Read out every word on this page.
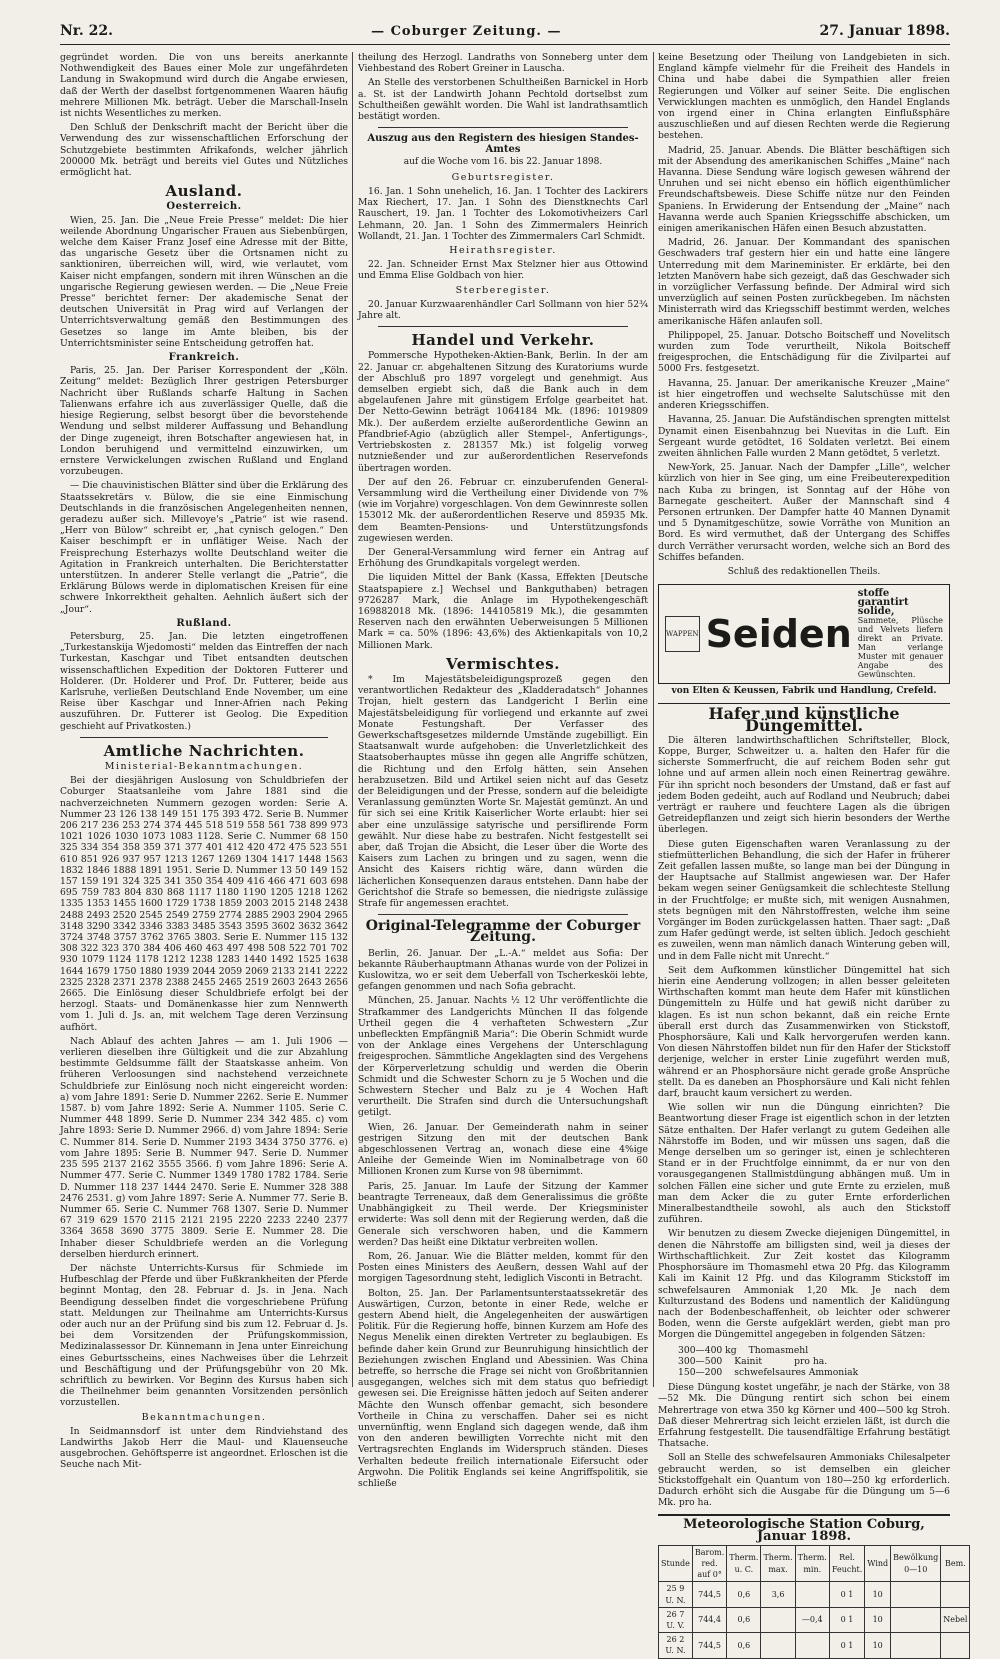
Nr. 22.	— Coburger Zeitung. —	27. Januar 1898.

gegründet worden. Die von uns bereits anerkannte Nothwendigkeit des Baues einer Mole zur ungefährdeten Landung in Swakopmund wird durch die Angabe erwiesen, daß der Werth der daselbst fortgenommenen Waaren häufig mehrere Millionen Mk. beträgt. Ueber die Marschall-Inseln ist nichts Wesentliches zu merken.

Den Schluß der Denkschrift macht der Bericht über die Verwendung des zur wissenschaftlichen Erforschung der Schutzgebiete bestimmten Afrikafonds, welcher jährlich 200000 Mk. beträgt und bereits viel Gutes und Nützliches ermöglicht hat.

Ausland.
Oesterreich.

Wien, 25. Jan. Die „Neue Freie Presse“ meldet: Die hier weilende Abordnung Ungarischer Frauen aus Siebenbürgen, welche dem Kaiser Franz Josef eine Adresse mit der Bitte, das ungarische Gesetz über die Ortsnamen nicht zu sanktioniren, überreichen will, wird, wie verlautet, vom Kaiser nicht empfangen, sondern mit ihren Wünschen an die ungarische Regierung gewiesen werden. — Die „Neue Freie Presse“ berichtet ferner: Der akademische Senat der deutschen Universität in Prag wird auf Verlangen der Unterrichtsverwaltung gemäß den Bestimmungen des Gesetzes so lange im Amte bleiben, bis der Unterrichtsminister seine Entscheidung getroffen hat.

Frankreich.

Paris, 25. Jan. Der Pariser Korrespondent der „Köln. Zeitung“ meldet: Bezüglich Ihrer gestrigen Petersburger Nachricht über Rußlands scharfe Haltung in Sachen Talienwans erfahre ich aus zuverlässiger Quelle, daß die hiesige Regierung, selbst besorgt über die bevorstehende Wendung und selbst milderer Auffassung und Behandlung der Dinge zugeneigt, ihren Botschafter angewiesen hat, in London beruhigend und vermittelnd einzuwirken, um ernstere Verwickelungen zwischen Rußland und England vorzubeugen.

— Die chauvinistischen Blätter sind über die Erklärung des Staatssekretärs v. Bülow, die sie eine Einmischung Deutschlands in die französischen Angelegenheiten nennen, geradezu außer sich. Millevoye's „Patrie“ ist wie rasend. „Herr von Bülow“ schreibt er, „hat cynisch gelogen.“ Den Kaiser beschimpft er in unflätiger Weise. Nach der Freisprechung Esterhazys wollte Deutschland weiter die Agitation in Frankreich unterhalten. Die Berichterstatter unterstützen. In anderer Stelle verlangt die „Patrie“, die Erklärung Bülows werde in diplomatischen Kreisen für eine schwere Inkorrektheit gehalten. Aehnlich äußert sich der „Jour“.

Rußland.

Petersburg, 25. Jan. Die letzten eingetroffenen „Turkestanskija Wjedomosti“ melden das Eintreffen der nach Turkestan, Kaschgar und Tibet entsandten deutschen wissenschaftlichen Expedition der Doktoren Futterer und Holderer. (Dr. Holderer und Prof. Dr. Futterer, beide aus Karlsruhe, verließen Deutschland Ende November, um eine Reise über Kaschgar und Inner-Afrien nach Peking auszuführen. Dr. Futterer ist Geolog. Die Expedition geschieht auf Privatkosten.)

Amtliche Nachrichten.
Ministerial-Bekanntmachungen.

Bei der diesjährigen Auslosung von Schuldbriefen der Coburger Staatsanleihe vom Jahre 1881 sind die nachverzeichneten Nummern gezogen worden: Serie A. Nummer 23 126 138 149 151 175 393 472. Serie B. Nummer 206 217 236 253 274 374 445 518 519 558 561 738 899 973 1021 1026 1030 1073 1083 1128. Serie C. Nummer 68 150 325 334 354 358 359 371 377 401 412 420 472 475 523 551 610 851 926 937 957 1213 1267 1269 1304 1417 1448 1563 1832 1846 1888 1891 1951. Serie D. Nummer 13 50 149 152 157 159 191 324 325 341 350 354 409 416 466 471 603 698 695 759 783 804 830 868 1117 1180 1190 1205 1218 1262 1335 1353 1455 1600 1729 1738 1859 2003 2015 2148 2438 2488 2493 2520 2545 2549 2759 2774 2885 2903 2904 2965 3148 3290 3342 3346 3383 3485 3543 3595 3602 3632 3642 3724 3748 3757 3762 3765 3803. Serie E. Nummer 115 132 308 322 323 370 384 406 460 463 497 498 508 522 701 702 930 1079 1124 1178 1212 1238 1283 1440 1492 1525 1638 1644 1679 1750 1880 1939 2044 2059 2069 2133 2141 2222 2325 2328 2371 2378 2388 2455 2465 2519 2603 2643 2656 2665. Die Einlösung dieser Schuldbriefe erfolgt bei der herzogl. Staats- und Domänenkasse hier zum Nennwerth vom 1. Juli d. Js. an, mit welchem Tage deren Verzinsung aufhört.

Nach Ablauf des achten Jahres — am 1. Juli 1906 — verlieren dieselben ihre Gültigkeit und die zur Abzahlung bestimmte Geldsumme fällt der Staatskasse anheim. Von früheren Verloosungen sind nachstehend verzeichnete Schuldbriefe zur Einlösung noch nicht eingereicht worden: a) vom Jahre 1891: Serie D. Nummer 2262. Serie E. Nummer 1587. b) vom Jahre 1892: Serie A. Nummer 1105. Serie C. Nummer 448 1899. Serie D. Nummer 234 342 485. c) vom Jahre 1893: Serie D. Nummer 2966. d) vom Jahre 1894: Serie C. Nummer 814. Serie D. Nummer 2193 3434 3750 3776. e) vom Jahre 1895: Serie B. Nummer 947. Serie D. Nummer 235 595 2137 2162 3555 3566. f) vom Jahre 1896: Serie A. Nummer 477. Serie C. Nummer 1349 1780 1782 1784. Serie D. Nummer 118 237 1444 2470. Serie E. Nummer 328 388 2476 2531. g) vom Jahre 1897: Serie A. Nummer 77. Serie B. Nummer 65. Serie C. Nummer 768 1307. Serie D. Nummer 67 319 629 1570 2115 2121 2195 2220 2233 2240 2377 3364 3658 3690 3775 3809. Serie E. Nummer 28. Die Inhaber dieser Schuldbriefe werden an die Vorlegung derselben hierdurch erinnert.

Der nächste Unterrichts-Kursus für Schmiede im Hufbeschlag der Pferde und über Fußkrankheiten der Pferde beginnt Montag, den 28. Februar d. Js. in Jena. Nach Beendigung desselben findet die vorgeschriebene Prüfung statt. Meldungen zur Theilnahme am Unterrichts-Kursus oder auch nur an der Prüfung sind bis zum 12. Februar d. Js. bei dem Vorsitzenden der Prüfungskommission, Medizinalassessor Dr. Künnemann in Jena unter Einreichung eines Geburtsscheins, eines Nachweises über die Lehrzeit und Beschäftigung und der Prüfungsgebühr von 20 Mk. schriftlich zu bewirken. Vor Beginn des Kursus haben sich die Theilnehmer beim genannten Vorsitzenden persönlich vorzustellen.

Bekanntmachungen.

In Seidmannsdorf ist unter dem Rindviehstand des Landwirths Jakob Herr die Maul- und Klauenseuche ausgebrochen. Gehöftsperre ist angeordnet. Erloschen ist die Seuche nach Mit-

theilung des Herzogl. Landraths von Sonneberg unter dem Viehbestand des Robert Greiner in Lauscha.

An Stelle des verstorbenen Schultheißen Barnickel in Horb a. St. ist der Landwirth Johann Pechtold dortselbst zum Schultheißen gewählt worden. Die Wahl ist landrathsamtlich bestätigt worden.

Auszug aus den Registern des hiesigen Standes-Amtes
auf die Woche vom 16. bis 22. Januar 1898.
Geburtsregister.

16. Jan. 1 Sohn unehelich, 16. Jan. 1 Tochter des Lackirers Max Riechert, 17. Jan. 1 Sohn des Dienstknechts Carl Rauschert, 19. Jan. 1 Tochter des Lokomotivheizers Carl Lehmann, 20. Jan. 1 Sohn des Zimmermalers Heinrich Wollandt, 21. Jan. 1 Tochter des Zimmermalers Carl Schmidt.

Heirathsregister.

22. Jan. Schneider Ernst Max Stelzner hier aus Ottowind und Emma Elise Goldbach von hier.

Sterberegister.

20. Januar Kurzwaarenhändler Carl Sollmann von hier 52¾ Jahre alt.

Handel und Verkehr.

Pommersche Hypotheken-Aktien-Bank, Berlin. In der am 22. Januar cr. abgehaltenen Sitzung des Kuratoriums wurde der Abschluß pro 1897 vorgelegt und genehmigt. Aus demselben ergiebt sich, daß die Bank auch in dem abgelaufenen Jahre mit günstigem Erfolge gearbeitet hat. Der Netto-Gewinn beträgt 1064184 Mk. (1896: 1019809 Mk.). Der außerdem erzielte außerordentliche Gewinn an Pfandbrief-Agio (abzüglich aller Stempel-, Anfertigungs-, Vertriebskosten z. 281357 Mk.) ist folgelig vorweg nutznießender und zur außerordentlichen Reservefonds übertragen worden.

Der auf den 26. Februar cr. einzuberufenden General-Versammlung wird die Vertheilung einer Dividende von 7% (wie im Vorjahre) vorgeschlagen. Von dem Gewinnreste sollen 153012 Mk. der außerordentlichen Reserve und 85935 Mk. dem Beamten-Pensions- und Unterstützungsfonds zugewiesen werden.

Der General-Versammlung wird ferner ein Antrag auf Erhöhung des Grundkapitals vorgelegt werden.

Die liquiden Mittel der Bank (Kassa, Effekten [Deutsche Staatspapiere z.] Wechsel und Bankguthaben) betragen 9726287 Mark, die Anlage im Hypothekengeschäft 169882018 Mk. (1896: 144105819 Mk.), die gesammten Reserven nach den erwähnten Ueberweisungen 5 Millionen Mark = ca. 50% (1896: 43,6%) des Aktienkapitals von 10,2 Millionen Mark.

Vermischtes.

* Im Majestätsbeleidigungsprozeß gegen den verantwortlichen Redakteur des „Kladderadatsch“ Johannes Trojan, hielt gestern das Landgericht I Berlin eine Majestätsbeleidigung für vorliegend und erkannte auf zwei Monate Festungshaft. Der Verfasser des Gewerkschaftsgesetzes mildernde Umstände zugebilligt. Ein Staatsanwalt wurde aufgehoben: die Unverletzlichkeit des Staatsoberhauptes müsse ihn gegen alle Angriffe schützen, die Richtung und den Erfolg hätten, sein Ansehen herabzusetzen. Bild und Artikel seien nicht auf das Gesetz der Beleidigungen und der Presse, sondern auf die beleidigte Veranlassung gemünzten Worte Sr. Majestät gemünzt. An und für sich sei eine Kritik Kaiserlicher Worte erlaubt: hier sei aber eine unzulässige satyrische und persiflirende Form gewählt. Nur diese habe zu bestrafen. Nicht festgestellt sei aber, daß Trojan die Absicht, die Leser über die Worte des Kaisers zum Lachen zu bringen und zu sagen, wenn die Ansicht des Kaisers richtig wäre, dann würden die lächerlichen Konsequenzen daraus entstehen. Dann habe der Gerichtshof die Strafe so bemessen, die niedrigste zulässige Strafe für angemessen erachtet.

Original-Telegramme der Coburger Zeitung.

Berlin, 26. Januar. Der „L.-A.“ meldet aus Sofia: Der bekannte Räuberhauptmann Athanas wurde von der Polizei in Kuslowitza, wo er seit dem Ueberfall von Tscherkesköi lebte, gefangen genommen und nach Sofia gebracht.

München, 25. Januar. Nachts ½ 12 Uhr veröffentlichte die Strafkammer des Landgerichts München II das folgende Urtheil gegen die 4 verhafteten Schwestern „Zur unbefleckten Empfängniß Maria“: Die Oberin Schmidt wurde von der Anklage eines Vergehens der Unterschlagung freigesprochen. Sämmtliche Angeklagten sind des Vergehens der Körperverletzung schuldig und werden die Oberin Schmidt und die Schwester Schorn zu je 5 Wochen und die Schwestern Stecher und Balz zu je 4 Wochen Haft verurtheilt. Die Strafen sind durch die Untersuchungshaft getilgt.

Wien, 26. Januar. Der Gemeinderath nahm in seiner gestrigen Sitzung den mit der deutschen Bank abgeschlossenen Vertrag an, wonach diese eine 4%ige Anleihe der Gemeinde Wien im Nominalbetrage von 60 Millionen Kronen zum Kurse von 98 übernimmt.

Paris, 25. Januar. Im Laufe der Sitzung der Kammer beantragte Terreneaux, daß dem Generalissimus die größte Unabhängigkeit zu Theil werde. Der Kriegsminister erwiderte: Was soll denn mit der Regierung werden, daß die Generale sich verschworen haben, und die Kammern werden? Das heißt eine Diktatur verbreiten wollen.

Rom, 26. Januar. Wie die Blätter melden, kommt für den Posten eines Ministers des Aeußern, dessen Wahl auf der morgigen Tagesordnung steht, lediglich Visconti in Betracht.

Bolton, 25. Jan. Der Parlamentsunterstaatssekretär des Auswärtigen, Curzon, betonte in einer Rede, welche er gestern Abend hielt, die Angelegenheiten der auswärtigen Politik. Für die Regierung hoffe, binnen Kurzem am Hofe des Negus Menelik einen direkten Vertreter zu beglaubigen. Es befinde daher kein Grund zur Beunruhigung hinsichtlich der Beziehungen zwischen England und Abessinien. Was China betreffe, so herrsche die Frage sei nicht von Großbritannien ausgegangen, welches sich mit dem status quo befriedigt gewesen sei. Die Ereignisse hätten jedoch auf Seiten anderer Mächte den Wunsch offenbar gemacht, sich besondere Vortheile in China zu verschaffen. Daher sei es nicht unvernünftig, wenn England sich dagegen wende, daß ihm von den anderen bewilligten Vorrechte nicht mit den Vertragsrechten Englands im Widerspruch ständen. Dieses Verhalten bedeute freilich internationale Eifersucht oder Argwohn. Die Politik Englands sei keine Angriffspolitik, sie schließe

keine Besetzung oder Theilung von Landgebieten in sich. England kämpfe vielmehr für die Freiheit des Handels in China und habe dabei die Sympathien aller freien Regierungen und Völker auf seiner Seite. Die englischen Verwicklungen machten es unmöglich, den Handel Englands von irgend einer in China erlangten Einflußsphäre auszuschließen und auf diesen Rechten werde die Regierung bestehen.

Madrid, 25. Januar. Abends. Die Blätter beschäftigen sich mit der Absendung des amerikanischen Schiffes „Maine“ nach Havanna. Diese Sendung wäre logisch gewesen während der Unruhen und sei nicht ebenso ein höflich eigenthümlicher Freundschaftsbeweis. Diese Schiffe nütze nur den Feinden Spaniens. In Erwiderung der Entsendung der „Maine“ nach Havanna werde auch Spanien Kriegsschiffe abschicken, um einigen amerikanischen Häfen einen Besuch abzustatten.

Madrid, 26. Januar. Der Kommandant des spanischen Geschwaders traf gestern hier ein und hatte eine längere Unterredung mit dem Marineminister. Er erklärte, bei den letzten Manövern habe sich gezeigt, daß das Geschwader sich in vorzüglicher Verfassung befinde. Der Admiral wird sich unverzüglich auf seinen Posten zurückbegeben. Im nächsten Ministerrath wird das Kriegsschiff bestimmt werden, welches amerikanische Häfen anlaufen soll.

Philippopel, 25. Januar. Dotscho Boitscheff und Novelitsch wurden zum Tode verurtheilt, Nikola Boitscheff freigesprochen, die Entschädigung für die Zivilpartei auf 5000 Frs. festgesetzt.

Havanna, 25. Januar. Der amerikanische Kreuzer „Maine“ ist hier eingetroffen und wechselte Salutschüsse mit den anderen Kriegsschiffen.

Havanna, 25. Januar. Die Aufständischen sprengten mittelst Dynamit einen Eisenbahnzug bei Nuevitas in die Luft. Ein Sergeant wurde getödtet, 16 Soldaten verletzt. Bei einem zweiten ähnlichen Falle wurden 2 Mann getödtet, 5 verletzt.

New-York, 25. Januar. Nach der Dampfer „Lille“, welcher kürzlich von hier in See ging, um eine Freibeuterexpedition nach Kuba zu bringen, ist Sonntag auf der Höhe von Barnegate gescheitert. Außer der Mannschaft sind 4 Personen ertrunken. Der Dampfer hatte 40 Mannen Dynamit und 5 Dynamitgeschütze, sowie Vorräthe von Munition an Bord. Es wird vermuthet, daß der Untergang des Schiffes durch Verräther verursacht worden, welche sich an Bord des Schiffes befanden.

Schluß des redaktionellen Theils.
WAPPEN Seiden
stoffe garantirt solide,
Sammete, Plüsche und Velvets liefern direkt an Private. Man verlange Muster mit genauer Angabe des Gewünschten.
von Elten & Keussen, Fabrik und Handlung, Crefeld.
Hafer und künstliche Düngemittel.

Die älteren landwirthschaftlichen Schriftsteller, Block, Koppe, Burger, Schweitzer u. a. halten den Hafer für die sicherste Sommerfrucht, die auf reichem Boden sehr gut lohne und auf armen allein noch einen Reinertrag gewähre. Für ihn spricht noch besonders der Umstand, daß er fast auf jedem Boden gedeiht, auch auf Rodland und Neubruch; dabei verträgt er rauhere und feuchtere Lagen als die übrigen Getreidepflanzen und zeigt sich hierin besonders der Werthe überlegen.

Diese guten Eigenschaften waren Veranlassung zu der stiefmütterlichen Behandlung, die sich der Hafer in früherer Zeit gefallen lassen mußte, so lange man bei der Düngung in der Hauptsache auf Stallmist angewiesen war. Der Hafer bekam wegen seiner Genügsamkeit die schlechteste Stellung in der Fruchtfolge; er mußte sich, mit wenigen Ausnahmen, stets begnügen mit den Nährstoffresten, welche ihm seine Vorgänger im Boden zurückgelassen hatten. Thaer sagt: „Daß zum Hafer gedüngt werde, ist selten üblich. Jedoch geschieht es zuweilen, wenn man nämlich danach Winterung geben will, und in dem Falle nicht mit Unrecht.“

Seit dem Aufkommen künstlicher Düngemittel hat sich hierin eine Aenderung vollzogen; in allen besser geleiteten Wirthschaften kommt man heute dem Hafer mit künstlichen Düngemitteln zu Hülfe und hat gewiß nicht darüber zu klagen. Es ist nun schon bekannt, daß ein reiche Ernte überall erst durch das Zusammenwirken von Stickstoff, Phosphorsäure, Kali und Kalk hervorgerufen werden kann. Von diesen Nährstoffen bildet nun für den Hafer der Stickstoff derjenige, welcher in erster Linie zugeführt werden muß, während er an Phosphorsäure nicht gerade große Ansprüche stellt. Da es daneben an Phosphorsäure und Kali nicht fehlen darf, braucht kaum versichert zu werden.

Wie sollen wir nun die Düngung einrichten? Die Beantwortung dieser Frage ist eigentlich schon in der letzten Sätze enthalten. Der Hafer verlangt zu gutem Gedeihen alle Nährstoffe im Boden, und wir müssen uns sagen, daß die Menge derselben um so geringer ist, einen je schlechteren Stand er in der Fruchtfolge einnimmt, da er nur von den vorausgegangenen Stallmistdüngung abhängen muß. Um in solchen Fällen eine sicher und gute Ernte zu erzielen, muß man dem Acker die zu guter Ernte erforderlichen Mineralbestandtheile sowohl, als auch den Stickstoff zuführen.

Wir benutzen zu diesem Zwecke diejenigen Düngemittel, in denen die Nährstoffe am billigsten sind, weil ja dieses der Wirthschaftlichkeit. Zur Zeit kostet das Kilogramm Phosphorsäure im Thomasmehl etwa 20 Pfg. das Kilogramm Kali im Kainit 12 Pfg. und das Kilogramm Stickstoff im schwefelsauren Ammoniak 1,20 Mk. Je nach dem Kulturzustand des Bodens und namentlich der Kalidüngung nach der Bodenbeschaffenheit, ob leichter oder schwerer Boden, wenn die Gerste aufgeklärt werden, giebt man pro Morgen die Düngemittel angegeben in folgenden Sätzen:

300—400 kg Thomasmehl
300—500 Kainit	pro ha.
150—200 schwefelsaures Ammoniak

Diese Düngung kostet ungefähr, je nach der Stärke, von 38—52 Mk. Die Düngung rentirt sich schon bei einem Mehrertrage von etwa 350 kg Körner und 400—500 kg Stroh. Daß dieser Mehrertrag sich leicht erzielen läßt, ist durch die Erfahrung festgestellt. Die tausendfältige Erfahrung bestätigt Thatsache.

Soll an Stelle des schwefelsauren Ammoniaks Chilesalpeter gebraucht werden, so ist demselben ein gleicher Stickstoffgehalt ein Quantum von 180—250 kg erforderlich. Dadurch erhöht sich die Ausgabe für die Düngung um 5—6 Mk. pro ha.

Meteorologische Station Coburg, Januar 1898.
Stunde	Barom. red. auf 0°	Therm. u. C.	Therm. max.	Therm. min.	Rel. Feucht.	Wind	Bewölkung 0—10	Bem.
25 9 U. N.	744,5	0,6	3,6		0 1	10		
26 7 U. V.	744,4	0,6		—0,4	0 1	10		Nebel
26 2 U. N.	744,5	0,6			0 1	10		
